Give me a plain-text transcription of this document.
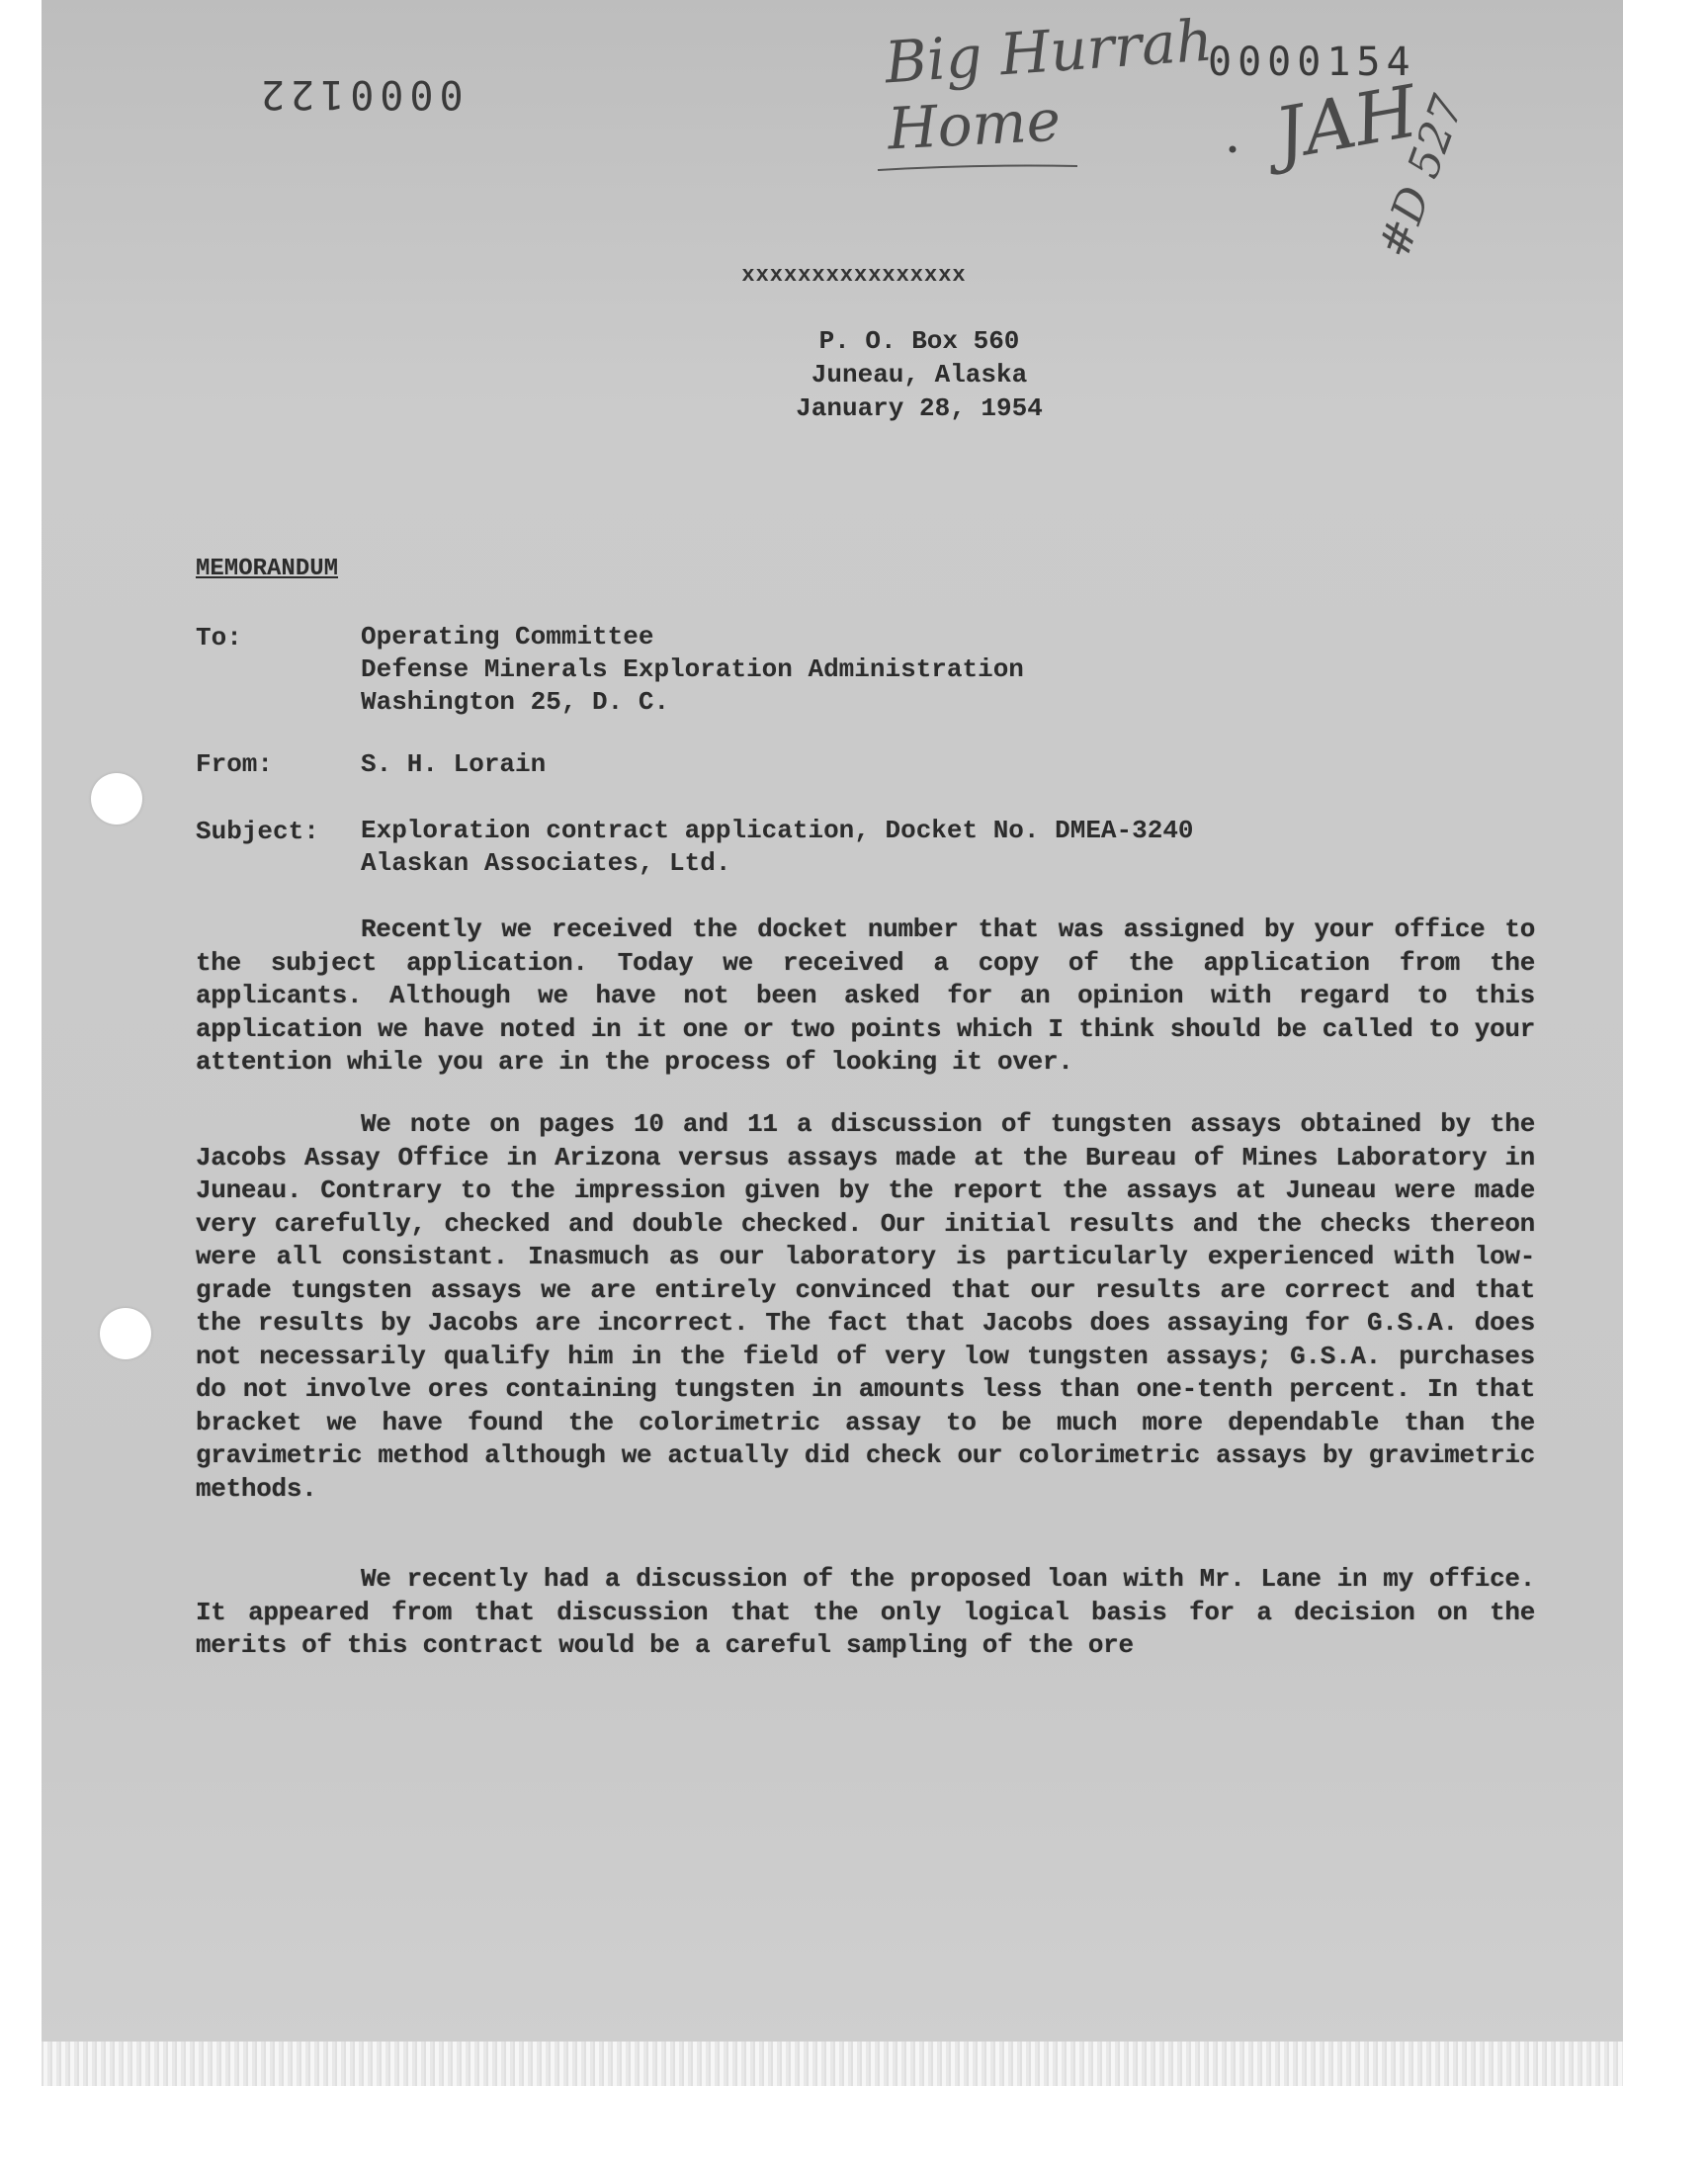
0000122
0000154
Big Hurrah
Home	JAH
#D 527
xxxxxxxxxxxxxxxx
P. O. Box 560
Juneau, Alaska
January 28, 1954
MEMORANDUM
To:	Operating Committee
Defense Minerals Exploration Administration
Washington 25, D. C.
From:	S. H. Lorain
Subject: Exploration contract application, Docket No. DMEA-3240
Alaskan Associates, Ltd.
Recently we received the docket number that was assigned by your office to the subject application. Today we received a copy of the application from the applicants. Although we have not been asked for an opinion with regard to this application we have noted in it one or two points which I think should be called to your attention while you are in the process of looking it over.
We note on pages 10 and 11 a discussion of tungsten assays obtained by the Jacobs Assay Office in Arizona versus assays made at the Bureau of Mines Laboratory in Juneau. Contrary to the impression given by the report the assays at Juneau were made very carefully, checked and double checked. Our initial results and the checks thereon were all consistant. Inasmuch as our laboratory is particularly experienced with low-grade tungsten assays we are entirely convinced that our results are correct and that the results by Jacobs are incorrect. The fact that Jacobs does assaying for G.S.A. does not necessarily qualify him in the field of very low tungsten assays; G.S.A. purchases do not involve ores containing tungsten in amounts less than one-tenth percent. In that bracket we have found the colorimetric assay to be much more dependable than the gravimetric method although we actually did check our colorimetric assays by gravimetric methods.
We recently had a discussion of the proposed loan with Mr. Lane in my office. It appeared from that discussion that the only logical basis for a decision on the merits of this contract would be a careful sampling of the ore
